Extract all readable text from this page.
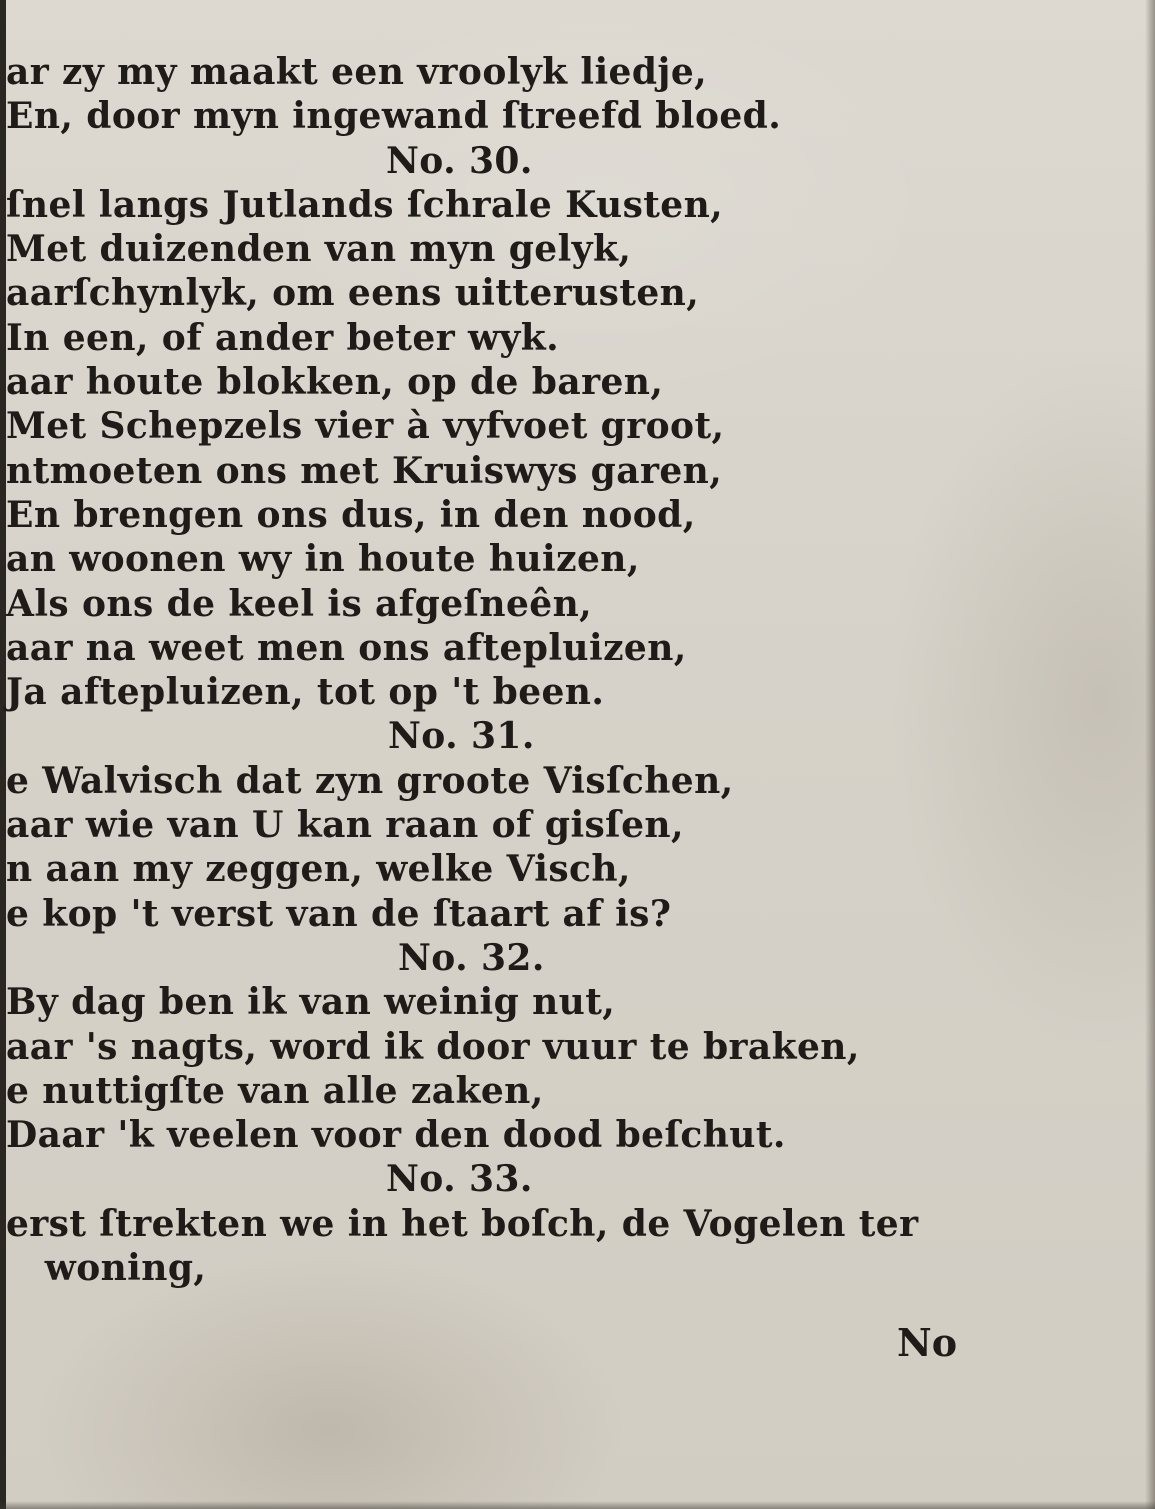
ar zy my maakt een vroolyk liedje,
En, door myn ingewand ſtreefd bloed.
No. 30.
ſnel langs Jutlands ſchrale Kusten,
Met duizenden van myn gelyk,
aarſchynlyk, om eens uitterusten,
In een, of ander beter wyk.
aar houte blokken, op de baren,
Met Schepzels vier à vyfvoet groot,
ntmoeten ons met Kruiswys garen,
En brengen ons dus, in den nood,
an woonen wy in houte huizen,
Als ons de keel is afgeſneên,
aar na weet men ons aftepluizen,
Ja aftepluizen, tot op 't been.
No. 31.
e Walvisch dat zyn groote Visſchen,
aar wie van U kan raan of gisſen,
n aan my zeggen, welke Visch,
e kop 't verst van de ſtaart af is?
No. 32.
By dag ben ik van weinig nut,
aar 's nagts, word ik door vuur te braken,
e nuttigſte van alle zaken,
Daar 'k veelen voor den dood beſchut.
No. 33.
erst ſtrekten we in het boſch, de Vogelen ter
woning,
No
